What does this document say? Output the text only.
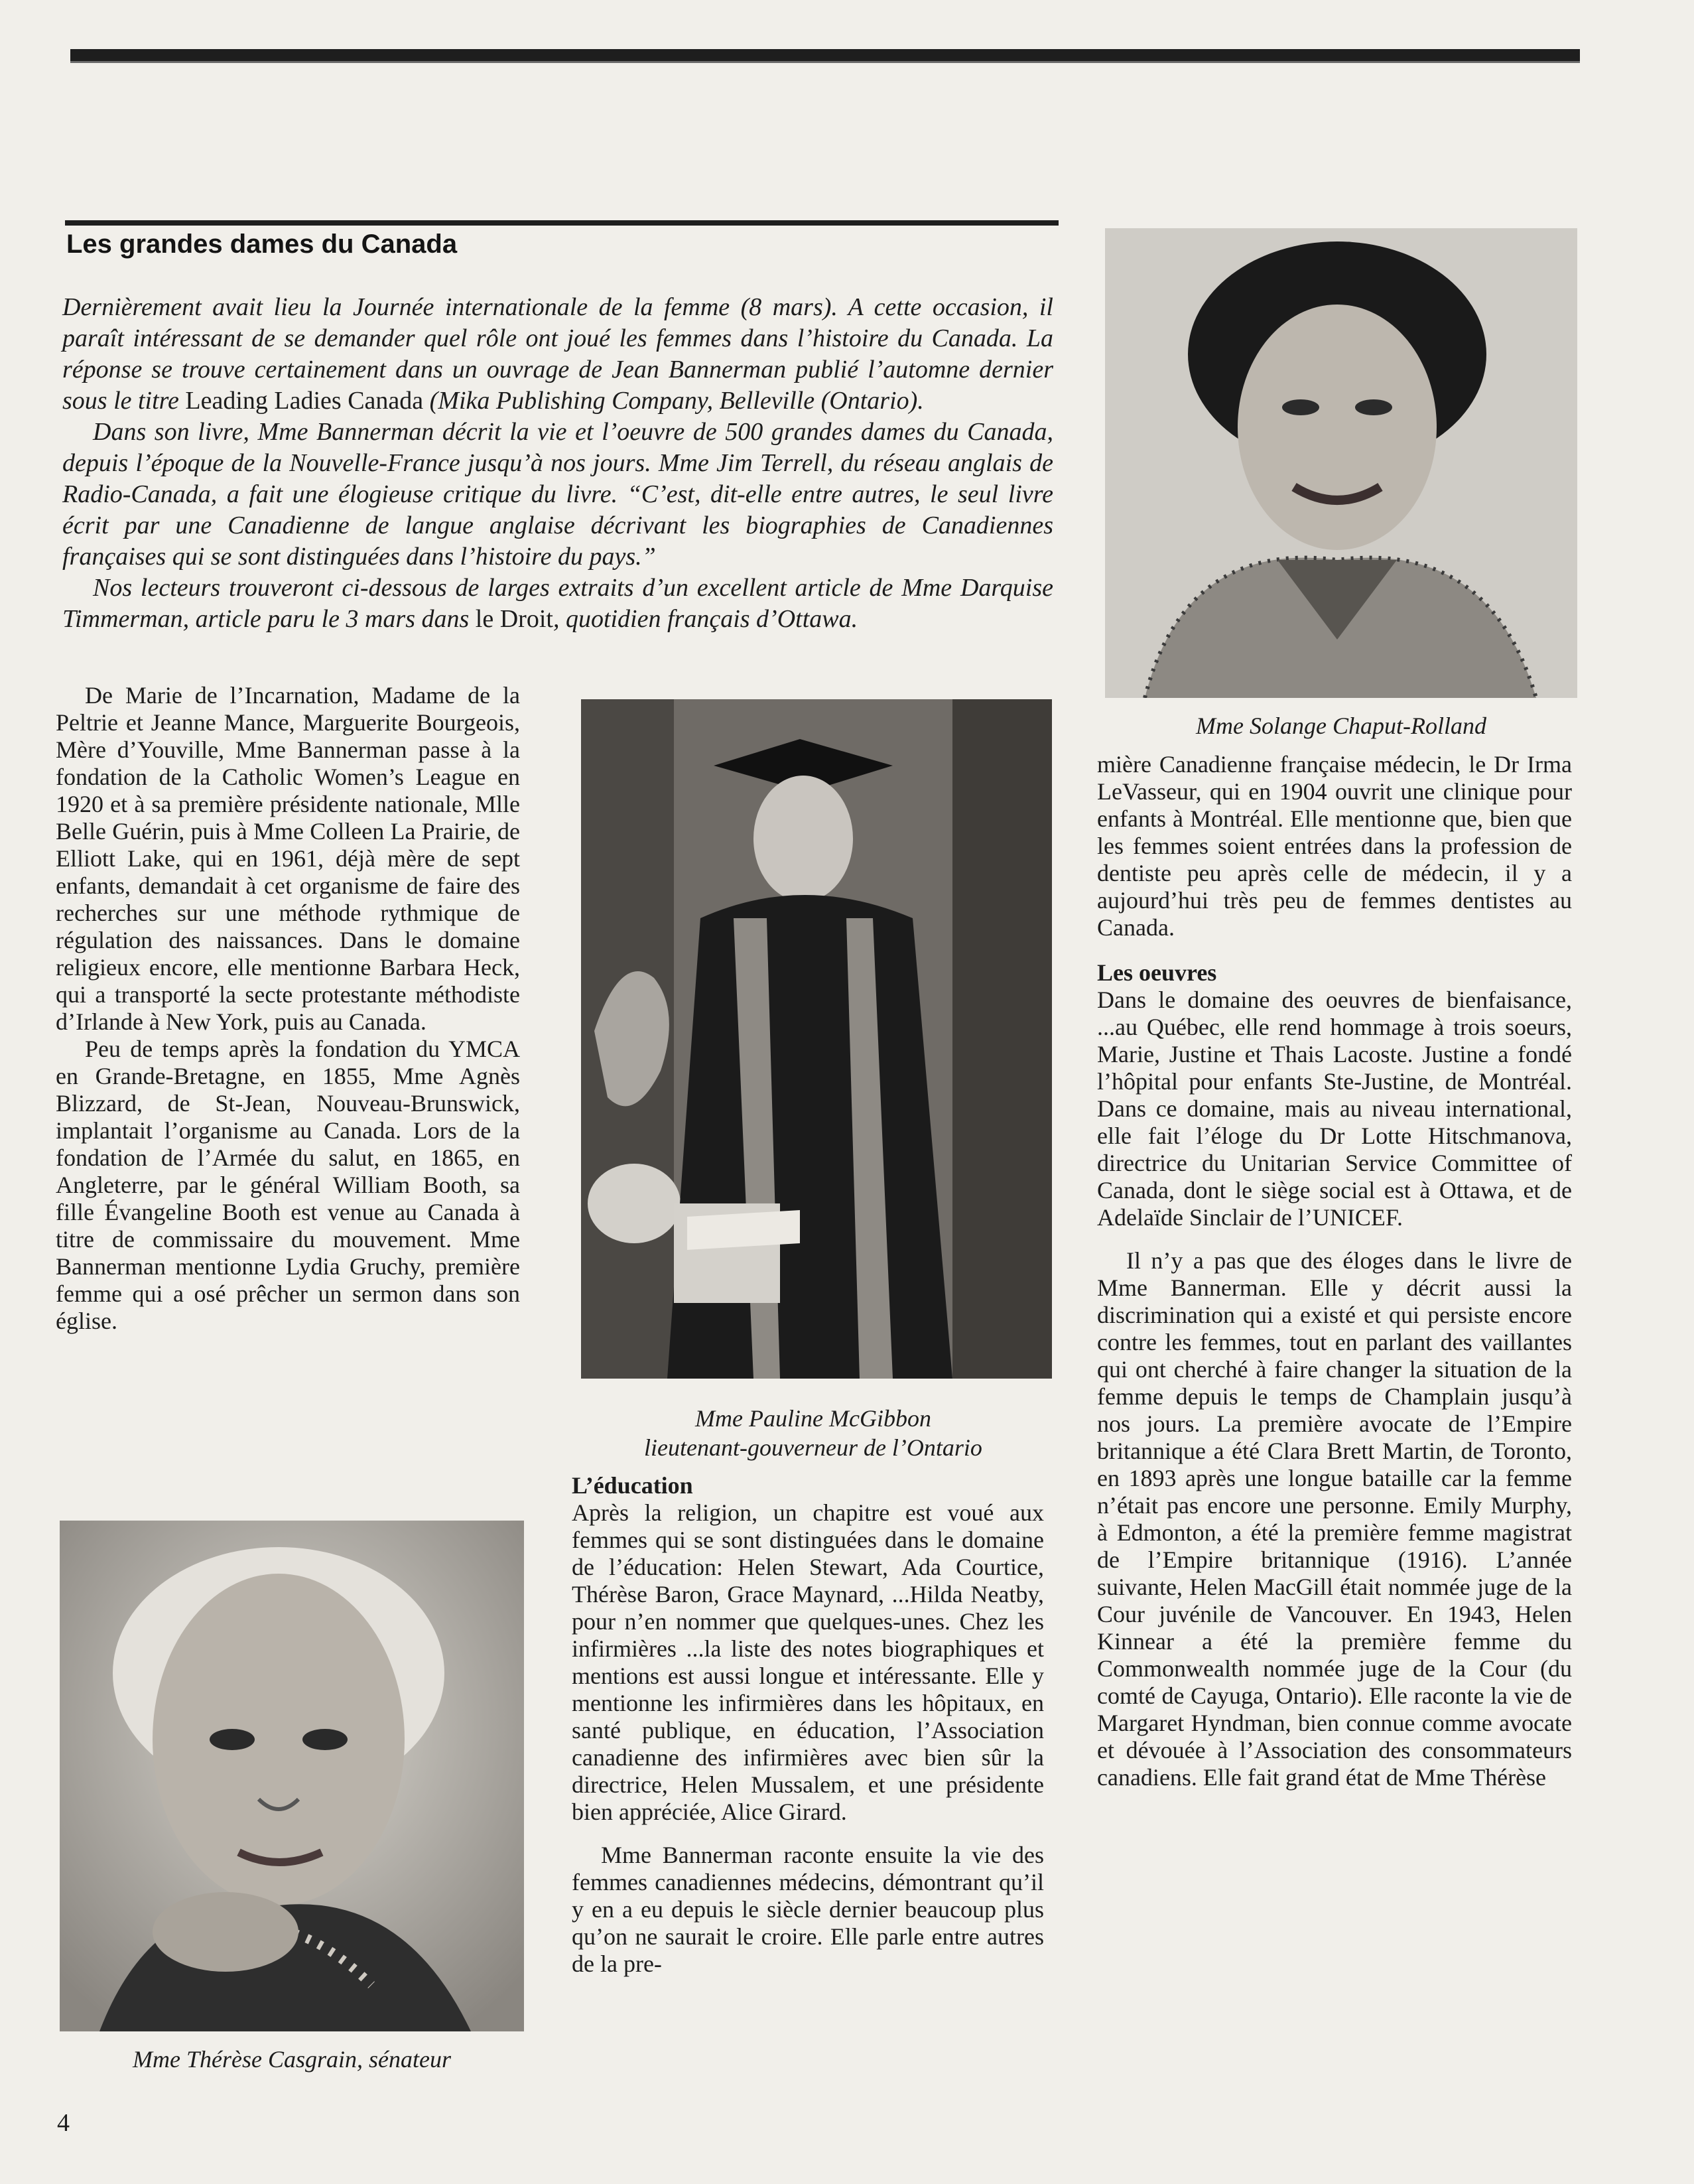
Les grandes dames du Canada

Dernièrement avait lieu la Journée internationale de la femme (8 mars). A cette occasion, il paraît intéressant de se demander quel rôle ont joué les femmes dans l’histoire du Canada. La réponse se trouve certainement dans un ouvrage de Jean Bannerman publié l’automne dernier sous le titre Leading Ladies Canada (Mika Publishing Company, Belleville (Ontario).

Dans son livre, Mme Bannerman décrit la vie et l’oeuvre de 500 grandes dames du Canada, depuis l’époque de la Nouvelle-France jusqu’à nos jours. Mme Jim Terrell, du réseau anglais de Radio-Canada, a fait une élogieuse critique du livre. “C’est, dit-elle entre autres, le seul livre écrit par une Canadienne de langue anglaise décrivant les biographies de Canadiennes françaises qui se sont distinguées dans l’histoire du pays.”

Nos lecteurs trouveront ci-dessous de larges extraits d’un excellent article de Mme Darquise Timmerman, article paru le 3 mars dans le Droit, quotidien français d’Ottawa.

De Marie de l’Incarnation, Madame de la Peltrie et Jeanne Mance, Marguerite Bourgeois, Mère d’Youville, Mme Bannerman passe à la fondation de la Catholic Women’s League en 1920 et à sa première présidente nationale, Mlle Belle Guérin, puis à Mme Colleen La Prairie, de Elliott Lake, qui en 1961, déjà mère de sept enfants, demandait à cet organisme de faire des recherches sur une méthode rythmique de régulation des naissances. Dans le domaine religieux encore, elle mentionne Barbara Heck, qui a transporté la secte protestante méthodiste d’Irlande à New York, puis au Canada.

Peu de temps après la fondation du YMCA en Grande-Bretagne, en 1855, Mme Agnès Blizzard, de St-Jean, Nouveau-Brunswick, implantait l’organisme au Canada. Lors de la fondation de l’Armée du salut, en 1865, en Angleterre, par le général William Booth, sa fille Évangeline Booth est venue au Canada à titre de commissaire du mouvement. Mme Bannerman mentionne Lydia Gruchy, première femme qui a osé prêcher un sermon dans son église.

Mme Thérèse Casgrain, sénateur
Mme Pauline McGibbon
lieutenant-gouverneur de l’Ontario
L’éducation

Après la religion, un chapitre est voué aux femmes qui se sont distinguées dans le domaine de l’éducation: Helen Stewart, Ada Courtice, Thérèse Baron, Grace Maynard, ...Hilda Neatby, pour n’en nommer que quelques-unes. Chez les infirmières ...la liste des notes biographiques et mentions est aussi longue et intéressante. Elle y mentionne les infirmières dans les hôpitaux, en santé publique, en éducation, l’Association canadienne des infirmières avec bien sûr la directrice, Helen Mussalem, et une présidente bien appréciée, Alice Girard.

Mme Bannerman raconte ensuite la vie des femmes canadiennes médecins, démontrant qu’il y en a eu depuis le siècle dernier beaucoup plus qu’on ne saurait le croire. Elle parle entre autres de la pre-

Mme Solange Chaput-Rolland

mière Canadienne française médecin, le Dr Irma LeVasseur, qui en 1904 ouvrit une clinique pour enfants à Montréal. Elle mentionne que, bien que les femmes soient entrées dans la profession de dentiste peu après celle de médecin, il y a aujourd’hui très peu de femmes dentistes au Canada.

Les oeuvres

Dans le domaine des oeuvres de bienfaisance, ...au Québec, elle rend hommage à trois soeurs, Marie, Justine et Thais Lacoste. Justine a fondé l’hôpital pour enfants Ste-Justine, de Montréal. Dans ce domaine, mais au niveau international, elle fait l’éloge du Dr Lotte Hitschmanova, directrice du Unitarian Service Committee of Canada, dont le siège social est à Ottawa, et de Adelaïde Sinclair de l’UNICEF.

Il n’y a pas que des éloges dans le livre de Mme Bannerman. Elle y décrit aussi la discrimination qui a existé et qui persiste encore contre les femmes, tout en parlant des vaillantes qui ont cherché à faire changer la situation de la femme depuis le temps de Champlain jusqu’à nos jours. La première avocate de l’Empire britannique a été Clara Brett Martin, de Toronto, en 1893 après une longue bataille car la femme n’était pas encore une personne. Emily Murphy, à Edmonton, a été la première femme magistrat de l’Empire britannique (1916). L’année suivante, Helen MacGill était nommée juge de la Cour juvénile de Vancouver. En 1943, Helen Kinnear a été la première femme du Commonwealth nommée juge de la Cour (du comté de Cayuga, Ontario). Elle raconte la vie de Margaret Hyndman, bien connue comme avocate et dévouée à l’Association des consommateurs canadiens. Elle fait grand état de Mme Thérèse

4
